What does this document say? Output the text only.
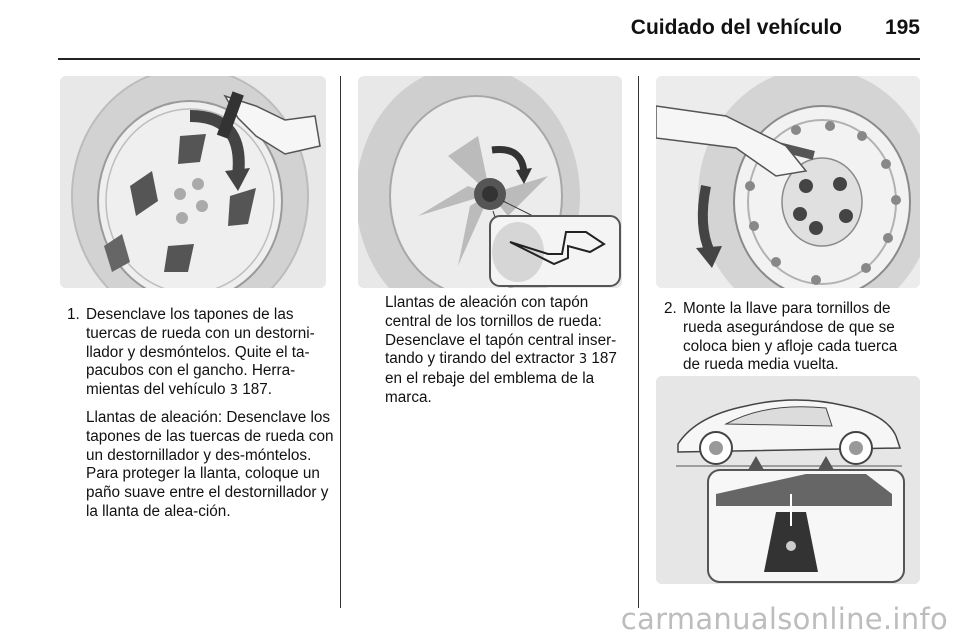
Cuidado del vehículo 195
1. Desenclave los tapones de las tuercas de rueda con un destorni-llador y desmóntelos. Quite el ta-pacubos con el gancho. Herra-mientas del vehículo 3 187.

Llantas de aleación: Desenclave los tapones de las tuercas de rueda con un destornillador y des-móntelos. Para proteger la llanta, coloque un paño suave entre el destornillador y la llanta de alea-ción.

Llantas de aleación con tapón central de los tornillos de rueda: Desenclave el tapón central inser-tando y tirando del extractor 3 187 en el rebaje del emblema de la marca.

2. Monte la llave para tornillos de rueda asegurándose de que se coloca bien y afloje cada tuerca de rueda media vuelta.

carmanualsonline.info
